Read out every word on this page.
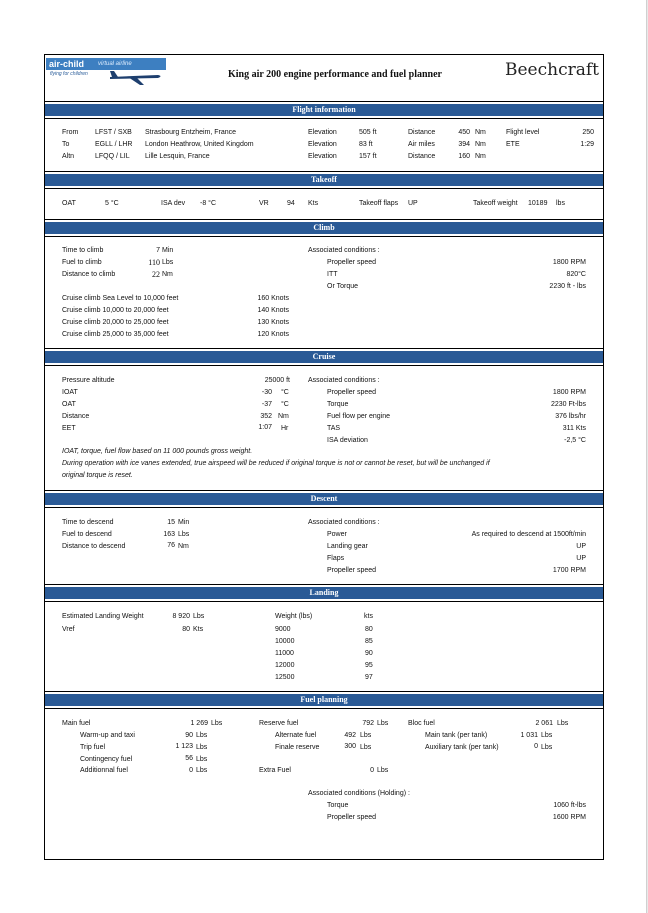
air-child virtual airline
flying for children	King air 200 engine performance and fuel planner	Beechcraft
Flight information
From LFST / SXB Strasbourg Entzheim, France	Elevation	505 ft	Distance	450 Nm	Flight level	250
To	EGLL / LHR London Heathrow, United Kingdom	Elevation	83 ft	Air miles	394 Nm	ETE	1:29
Altn	LFQQ / LIL Lille Lesquin, France	Elevation	157 ft	Distance	160 Nm
Takeoff
OAT	5 °C	ISA dev -8 °C	VR	94 Kts	Takeoff flaps UP	Takeoff weight 10189 lbs
Climb
Time to climb	7 Min
Fuel to climb	110 Lbs
Distance to climb	22 Nm
Associated conditions :
Propeller speed	1800 RPM
ITT	820°C
Or Torque	2230 ft - lbs
Cruise climb Sea Level to 10,000 feet	160 Knots
Cruise climb 10,000 to 20,000 feet	140 Knots
Cruise climb 20,000 to 25,000 feet	130 Knots
Cruise climb 25,000 to 35,000 feet	120 Knots
Cruise
Pressure altitude	25000 ft
IOAT	-30 °C
OAT	-37 °C
Distance	352 Nm
EET	1:07 Hr
Associated conditions :
Propeller speed	1800 RPM
Torque	2230 Ft-lbs
Fuel flow per engine	376 lbs/hr
TAS	311 Kts
ISA deviation	-2,5 °C
IOAT, torque, fuel flow based on 11 000 pounds gross weight.
During operation with ice vanes extended, true airspeed will be reduced if original torque is not or cannot be reset, but will be unchanged if
original torque is reset.
Descent
Time to descend	15 Min
Fuel to descend	163 Lbs
Distance to descend	76 Nm
Associated conditions :
Power	As required to descend at 1500ft/min
Landing gear	UP
Flaps	UP
Propeller speed	1700 RPM
Landing
Estimated Landing Weight	8 920 Lbs
Vref	80 Kts
Weight (lbs)	kts
9000	80
10000	85
11000	90
12000	95
12500	97
Fuel planning
Main fuel	1 269 Lbs
Warm-up and taxi	90 Lbs
Trip fuel	1 123 Lbs
Contingency fuel	56 Lbs
Additionnal fuel	0 Lbs
Reserve fuel	792 Lbs
Alternate fuel	492 Lbs
Finale reserve	300 Lbs
Extra Fuel	0 Lbs
Bloc fuel	2 061 Lbs
Main tank (per tank)	1 031 Lbs
Auxiliary tank (per tank)	0 Lbs
Associated conditions (Holding) :
Torque	1060 ft-lbs
Propeller speed	1600 RPM
